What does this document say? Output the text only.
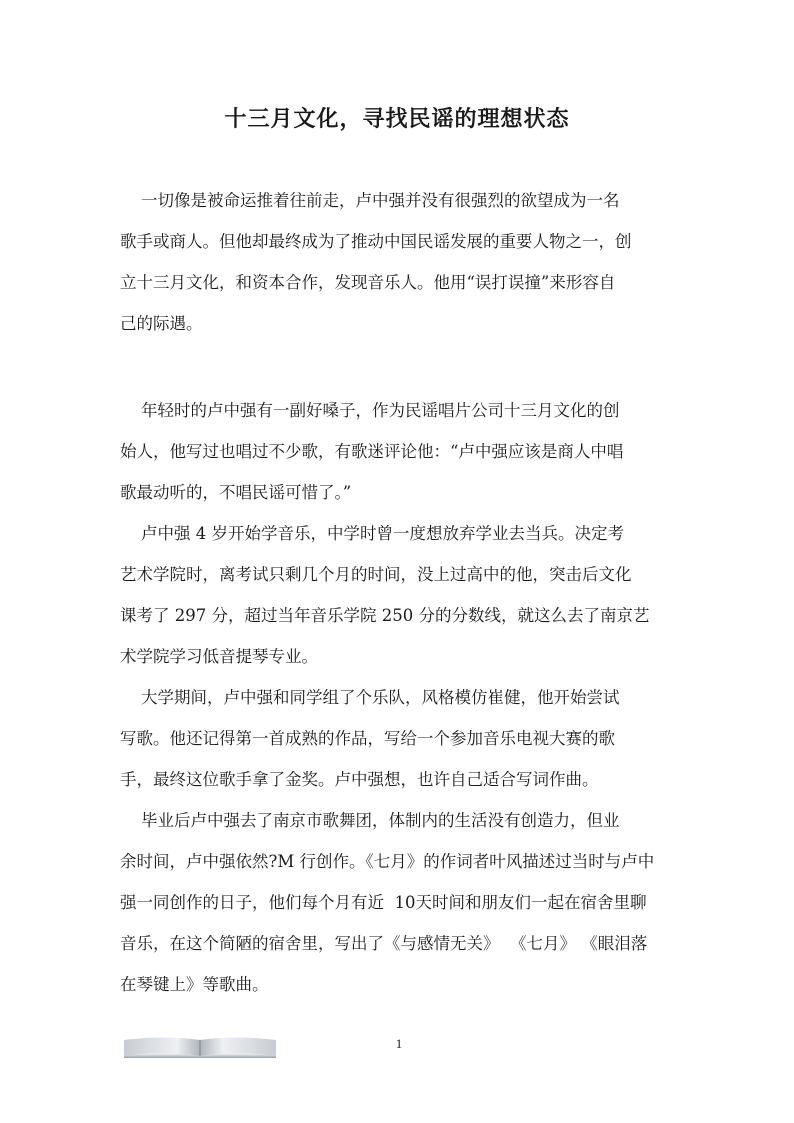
十三月文化，寻找民谣的理想状态
一切像是被命运推着往前走，卢中强并没有很强烈的欲望成为一名
歌手或商人。但他却最终成为了推动中国民谣发展的重要人物之一，创
立十三月文化，和资本合作，发现音乐人。他用“误打误撞”来形容自
己的际遇。
年轻时的卢中强有一副好嗓子，作为民谣唱片公司十三月文化的创
始人，他写过也唱过不少歌，有歌迷评论他：“卢中强应该是商人中唱
歌最动听的，不唱民谣可惜了。”
卢中强 4 岁开始学音乐，中学时曾一度想放弃学业去当兵。决定考
艺术学院时，离考试只剩几个月的时间，没上过高中的他，突击后文化
课考了 297 分，超过当年音乐学院 250 分的分数线，就这么去了南京艺
术学院学习低音提琴专业。
大学期间，卢中强和同学组了个乐队，风格模仿崔健，他开始尝试
写歌。他还记得第一首成熟的作品，写给一个参加音乐电视大赛的歌
手，最终这位歌手拿了金奖。卢中强想，也许自己适合写词作曲。
毕业后卢中强去了南京市歌舞团，体制内的生活没有创造力，但业
余时间，卢中强依然?M 行创作。《七月》的作词者叶风描述过当时与卢中
强一同创作的日子，他们每个月有近  10天时间和朋友们一起在宿舍里聊
音乐，在这个简陋的宿舍里，写出了《与感情无关》  《七月》 《眼泪落
在琴键上》等歌曲。
1
